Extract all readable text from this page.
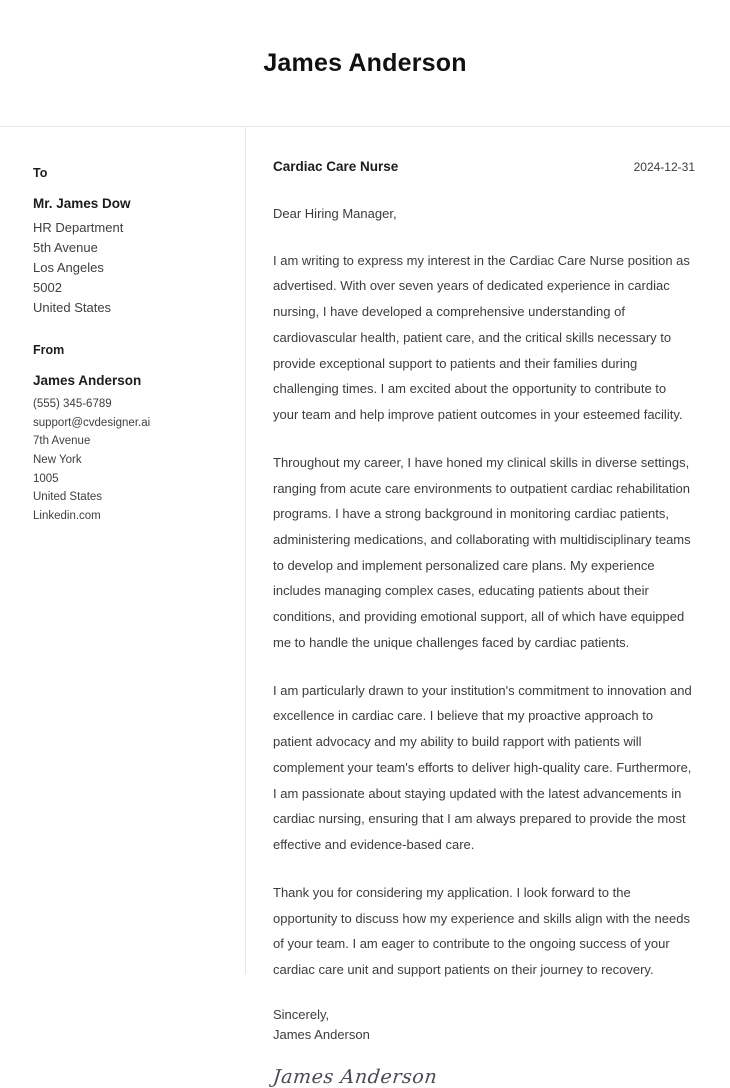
James Anderson
To
Mr. James Dow
HR Department
5th Avenue
Los Angeles
5002
United States
From
James Anderson
(555) 345-6789
support@cvdesigner.ai
7th Avenue
New York
1005
United States
Linkedin.com
Cardiac Care Nurse	2024-12-31
Dear Hiring Manager,

I am writing to express my interest in the Cardiac Care Nurse position as advertised. With over seven years of dedicated experience in cardiac nursing, I have developed a comprehensive understanding of cardiovascular health, patient care, and the critical skills necessary to provide exceptional support to patients and their families during challenging times. I am excited about the opportunity to contribute to your team and help improve patient outcomes in your esteemed facility.

Throughout my career, I have honed my clinical skills in diverse settings, ranging from acute care environments to outpatient cardiac rehabilitation programs. I have a strong background in monitoring cardiac patients, administering medications, and collaborating with multidisciplinary teams to develop and implement personalized care plans. My experience includes managing complex cases, educating patients about their conditions, and providing emotional support, all of which have equipped me to handle the unique challenges faced by cardiac patients.

I am particularly drawn to your institution's commitment to innovation and excellence in cardiac care. I believe that my proactive approach to patient advocacy and my ability to build rapport with patients will complement your team's efforts to deliver high-quality care. Furthermore, I am passionate about staying updated with the latest advancements in cardiac nursing, ensuring that I am always prepared to provide the most effective and evidence-based care.

Thank you for considering my application. I look forward to the opportunity to discuss how my experience and skills align with the needs of your team. I am eager to contribute to the ongoing success of your cardiac care unit and support patients on their journey to recovery.

Sincerely,
James Anderson
James Anderson
